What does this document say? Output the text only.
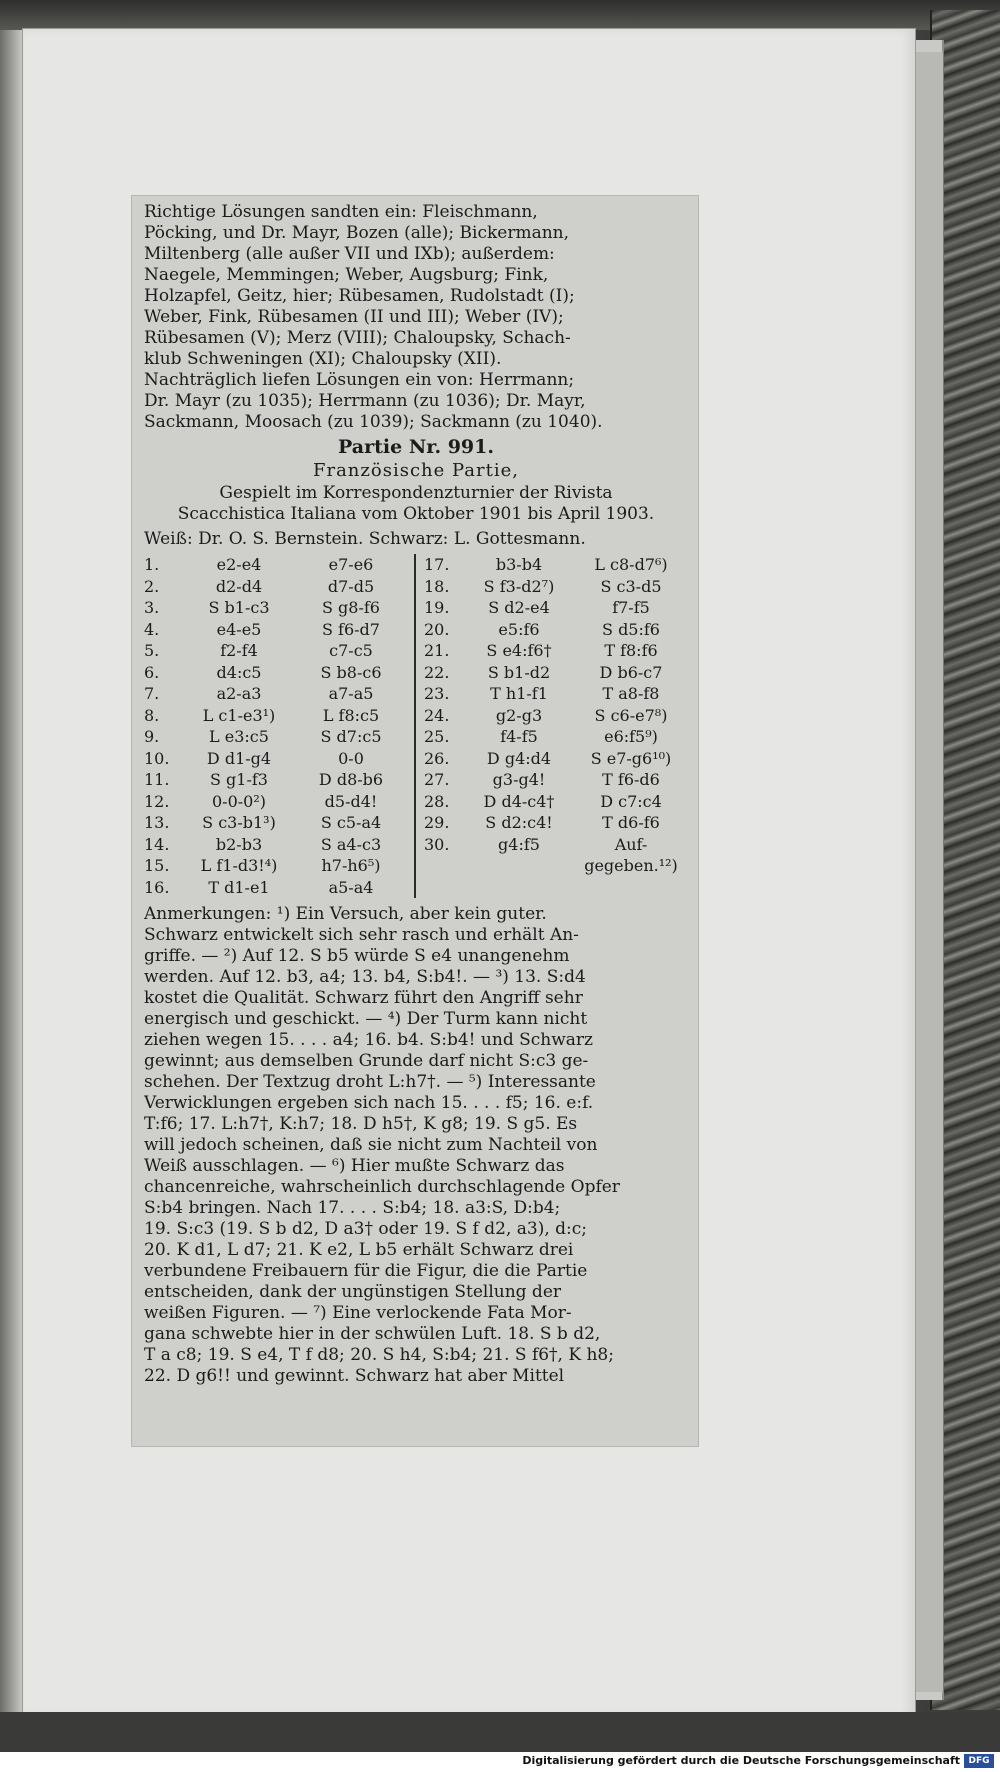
Richtige Lösungen sandten ein: Fleischmann,
Pöcking, und Dr. Mayr, Bozen (alle); Bickermann,
Miltenberg (alle außer VII und IXb); außerdem:
Naegele, Memmingen; Weber, Augsburg; Fink,
Holzapfel, Geitz, hier; Rübesamen, Rudolstadt (I);
Weber, Fink, Rübesamen (II und III); Weber (IV);
Rübesamen (V); Merz (VIII); Chaloupsky, Schach-
klub Schweningen (XI); Chaloupsky (XII).
Nachträglich liefen Lösungen ein von: Herrmann;
Dr. Mayr (zu 1035); Herrmann (zu 1036); Dr. Mayr,
Sackmann, Moosach (zu 1039); Sackmann (zu 1040).
Partie Nr. 991.
Französische Partie,
Gespielt im Korrespondenzturnier der Rivista
Scacchistica Italiana vom Oktober 1901 bis April 1903.
Weiß: Dr. O. S. Bernstein. Schwarz: L. Gottesmann.
1.	e2-e4	e7-e6
2.	d2-d4	d7-d5
3.	S b1-c3	S g8-f6
4.	e4-e5	S f6-d7
5.	f2-f4	c7-c5
6.	d4:c5	S b8-c6
7.	a2-a3	a7-a5
8.	L c1-e3¹)	L f8:c5
9.	L e3:c5	S d7:c5
10.	D d1-g4	0-0
11.	S g1-f3	D d8-b6
12.	0-0-0²)	d5-d4!
13.	S c3-b1³)	S c5-a4
14.	b2-b3	S a4-c3
15.	L f1-d3!⁴)	h7-h6⁵)
16.	T d1-e1	a5-a4
17.	b3-b4	L c8-d7⁶)
18.	S f3-d2⁷)	S c3-d5
19.	S d2-e4	f7-f5
20.	e5:f6	S d5:f6
21.	S e4:f6†	T f8:f6
22.	S b1-d2	D b6-c7
23.	T h1-f1	T a8-f8
24.	g2-g3	S c6-e7⁸)
25.	f4-f5	e6:f5⁹)
26.	D g4:d4	S e7-g6¹⁰)
27.	g3-g4!	T f6-d6
28.	D d4-c4†	D c7:c4
29.	S d2:c4!	T d6-f6
30.	g4:f5	Auf-
gegeben.¹²)
Anmerkungen: ¹) Ein Versuch, aber kein guter.
Schwarz entwickelt sich sehr rasch und erhält An-
griffe. — ²) Auf 12. S b5 würde S e4 unangenehm
werden. Auf 12. b3, a4; 13. b4, S:b4!. — ³) 13. S:d4
kostet die Qualität. Schwarz führt den Angriff sehr
energisch und geschickt. — ⁴) Der Turm kann nicht
ziehen wegen 15. . . . a4; 16. b4. S:b4! und Schwarz
gewinnt; aus demselben Grunde darf nicht S:c3 ge-
schehen. Der Textzug droht L:h7†. — ⁵) Interessante
Verwicklungen ergeben sich nach 15. . . . f5; 16. e:f.
T:f6; 17. L:h7†, K:h7; 18. D h5†, K g8; 19. S g5. Es
will jedoch scheinen, daß sie nicht zum Nachteil von
Weiß ausschlagen. — ⁶) Hier mußte Schwarz das
chancenreiche, wahrscheinlich durchschlagende Opfer
S:b4 bringen. Nach 17. . . . S:b4; 18. a3:S, D:b4;
19. S:c3 (19. S b d2, D a3† oder 19. S f d2, a3), d:c;
20. K d1, L d7; 21. K e2, L b5 erhält Schwarz drei
verbundene Freibauern für die Figur, die die Partie
entscheiden, dank der ungünstigen Stellung der
weißen Figuren. — ⁷) Eine verlockende Fata Mor-
gana schwebte hier in der schwülen Luft. 18. S b d2,
T a c8; 19. S e4, T f d8; 20. S h4, S:b4; 21. S f6†, K h8;
22. D g6!! und gewinnt. Schwarz hat aber Mittel
Digitalisierung gefördert durch die Deutsche Forschungsgemeinschaft DFG
